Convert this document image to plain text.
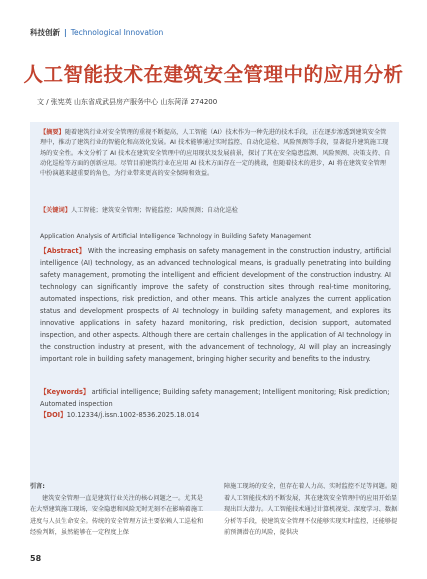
科技创新 | Technological Innovation
人工智能技术在建筑安全管理中的应用分析
文 / 张宪英 山东省成武县房产服务中心 山东菏泽 274200
【摘要】随着建筑行业对安全管理的重视不断提高，人工智能（AI）技术作为一种先进的技术手段，正在逐步渗透到建筑安全管理中，推动了建筑行业的智能化和高效化发展。AI 技术能够通过实时监控、自动化巡检、风险预测等手段，显著提升建筑施工现场的安全性。本文分析了 AI 技术在建筑安全管理中的应用现状及发展前景，探讨了其在安全隐患监测、风险预测、决策支持、自动化巡检等方面的创新应用。尽管目前建筑行业在应用 AI 技术方面存在一定的挑战，但随着技术的进步，AI 将在建筑安全管理中扮演越来越重要的角色，为行业带来更高的安全保障和效益。
【关键词】人工智能；建筑安全管理；智能监控；风险预测；自动化巡检
Application Analysis of Artificial Intelligence Technology in Building Safety Management
【Abstract】 With the increasing emphasis on safety management in the construction industry, artificial intelligence (AI) technology, as an advanced technological means, is gradually penetrating into building safety management, promoting the intelligent and efficient development of the construction industry. AI technology can significantly improve the safety of construction sites through real-time monitoring, automated inspections, risk prediction, and other means. This article analyzes the current application status and development prospects of AI technology in building safety management, and explores its innovative applications in safety hazard monitoring, risk prediction, decision support, automated inspection, and other aspects. Although there are certain challenges in the application of AI technology in the construction industry at present, with the advancement of technology, AI will play an increasingly important role in building safety management, bringing higher security and benefits to the industry.
【Keywords】 artificial intelligence; Building safety management; Intelligent monitoring; Risk prediction; Automated inspection
【DOI】10.12334/j.issn.1002-8536.2025.18.014
引言:
建筑安全管理一直是建筑行业关注的核心问题之一。尤其是在大型建筑施工现场，安全隐患和风险无时无刻不在影响着施工进度与人员生命安全。传统的安全管理方法主要依赖人工巡检和经验判断，虽然能够在一定程度上保
障施工现场的安全，但存在着人力高、实时监控不足等问题。随着人工智能技术的不断发展，其在建筑安全管理中的应用开始显现出巨大潜力。人工智能技术通过计算机视觉、深度学习、数据分析等手段，使建筑安全管理不仅能够实现实时监控，还能够提前预测潜在的风险，提供决
58
